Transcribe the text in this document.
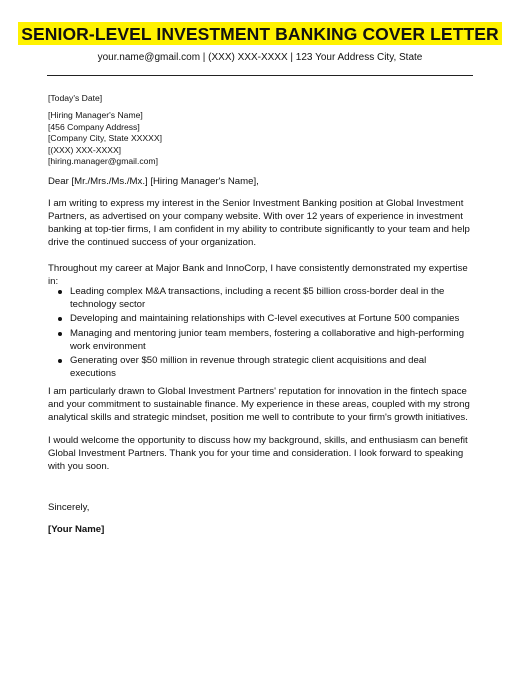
SENIOR-LEVEL INVESTMENT BANKING COVER LETTER
your.name@gmail.com | (XXX) XXX-XXXX | 123 Your Address City, State
[Today's Date]
[Hiring Manager's Name]
[456 Company Address]
[Company City, State XXXXX]
[(XXX) XXX-XXXX]
[hiring.manager@gmail.com]
Dear [Mr./Mrs./Ms./Mx.] [Hiring Manager's Name],

I am writing to express my interest in the Senior Investment Banking position at Global Investment Partners, as advertised on your company website. With over 12 years of experience in investment banking at top-tier firms, I am confident in my ability to contribute significantly to your team and help drive the continued success of your organization.

Throughout my career at Major Bank and InnoCorp, I have consistently demonstrated my expertise in:

Leading complex M&A transactions, including a recent $5 billion cross-border deal in the technology sector
Developing and maintaining relationships with C-level executives at Fortune 500 companies
Managing and mentoring junior team members, fostering a collaborative and high-performing work environment
Generating over $50 million in revenue through strategic client acquisitions and deal executions

I am particularly drawn to Global Investment Partners' reputation for innovation in the fintech space and your commitment to sustainable finance. My experience in these areas, coupled with my strong analytical skills and strategic mindset, position me well to contribute to your firm's growth initiatives.

I would welcome the opportunity to discuss how my background, skills, and enthusiasm can benefit Global Investment Partners. Thank you for your time and consideration. I look forward to speaking with you soon.

Sincerely,
[Your Name]
